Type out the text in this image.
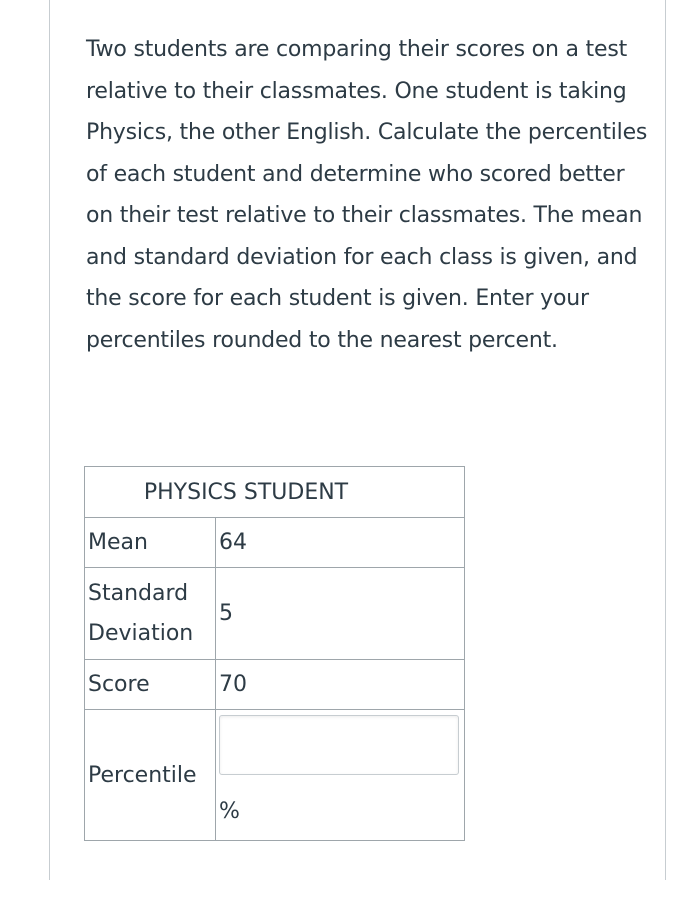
Two students are comparing their scores on a test relative to their classmates. One student is taking Physics, the other English. Calculate the percentiles of each student and determine who scored better on their test relative to their classmates. The mean and standard deviation for each class is given, and the score for each student is given. Enter your percentiles rounded to the nearest percent.

PHYSICS STUDENT	
Mean	64
Standard Deviation	5
Score	70
Percentile	%
